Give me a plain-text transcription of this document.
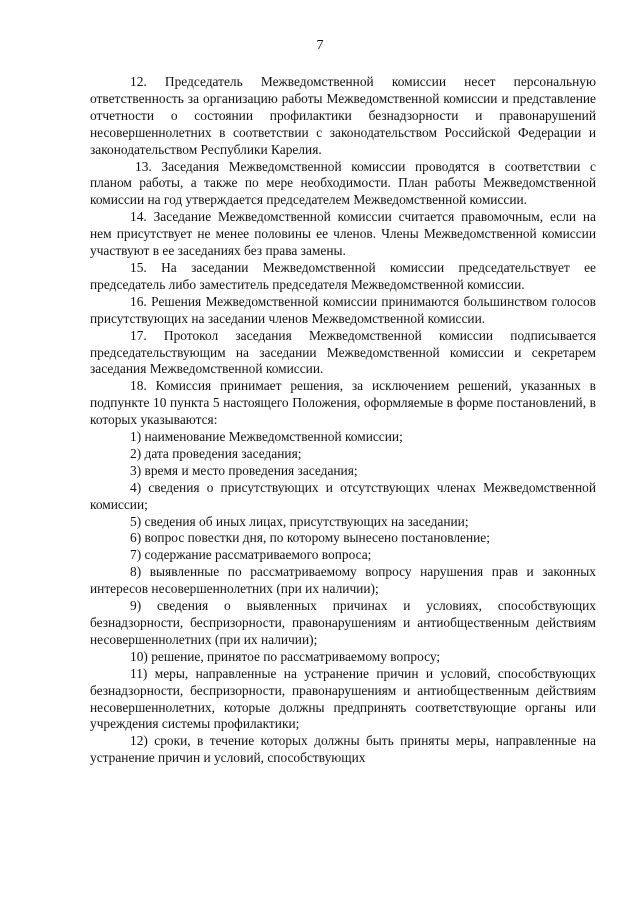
7
12. Председатель Межведомственной комиссии несет персональную ответственность за организацию работы Межведомственной комиссии и представление отчетности о состоянии профилактики безнадзорности и правонарушений несовершеннолетних в соответствии с законодательством Российской Федерации и законодательством Республики Карелия.
13. Заседания Межведомственной комиссии проводятся в соответствии с планом работы, а также по мере необходимости. План работы Межведомственной комиссии на год утверждается председателем Межведомственной комиссии.
14. Заседание Межведомственной комиссии считается правомочным, если на нем присутствует не менее половины ее членов. Члены Межведомственной комиссии участвуют в ее заседаниях без права замены.
15. На заседании Межведомственной комиссии председательствует ее председатель либо заместитель председателя Межведомственной комиссии.
16. Решения Межведомственной комиссии принимаются большинством голосов присутствующих на заседании членов Межведомственной комиссии.
17. Протокол заседания Межведомственной комиссии подписывается председательствующим на заседании Межведомственной комиссии и секретарем заседания Межведомственной комиссии.
18. Комиссия принимает решения, за исключением решений, указанных в подпункте 10 пункта 5 настоящего Положения, оформляемые в форме постановлений, в которых указываются:
1) наименование Межведомственной комиссии;
2) дата проведения заседания;
3) время и место проведения заседания;
4) сведения о присутствующих и отсутствующих членах Межведомственной комиссии;
5) сведения об иных лицах, присутствующих на заседании;
6) вопрос повестки дня, по которому вынесено постановление;
7) содержание рассматриваемого вопроса;
8) выявленные по рассматриваемому вопросу нарушения прав и законных интересов несовершеннолетних (при их наличии);
9) сведения о выявленных причинах и условиях, способствующих безнадзорности, беспризорности, правонарушениям и антиобщественным действиям несовершеннолетних (при их наличии);
10) решение, принятое по рассматриваемому вопросу;
11) меры, направленные на устранение причин и условий, способствующих безнадзорности, беспризорности, правонарушениям и антиобщественным действиям несовершеннолетних, которые должны предпринять соответствующие органы или учреждения системы профилактики;
12) сроки, в течение которых должны быть приняты меры, направленные на устранение причин и условий, способствующих
